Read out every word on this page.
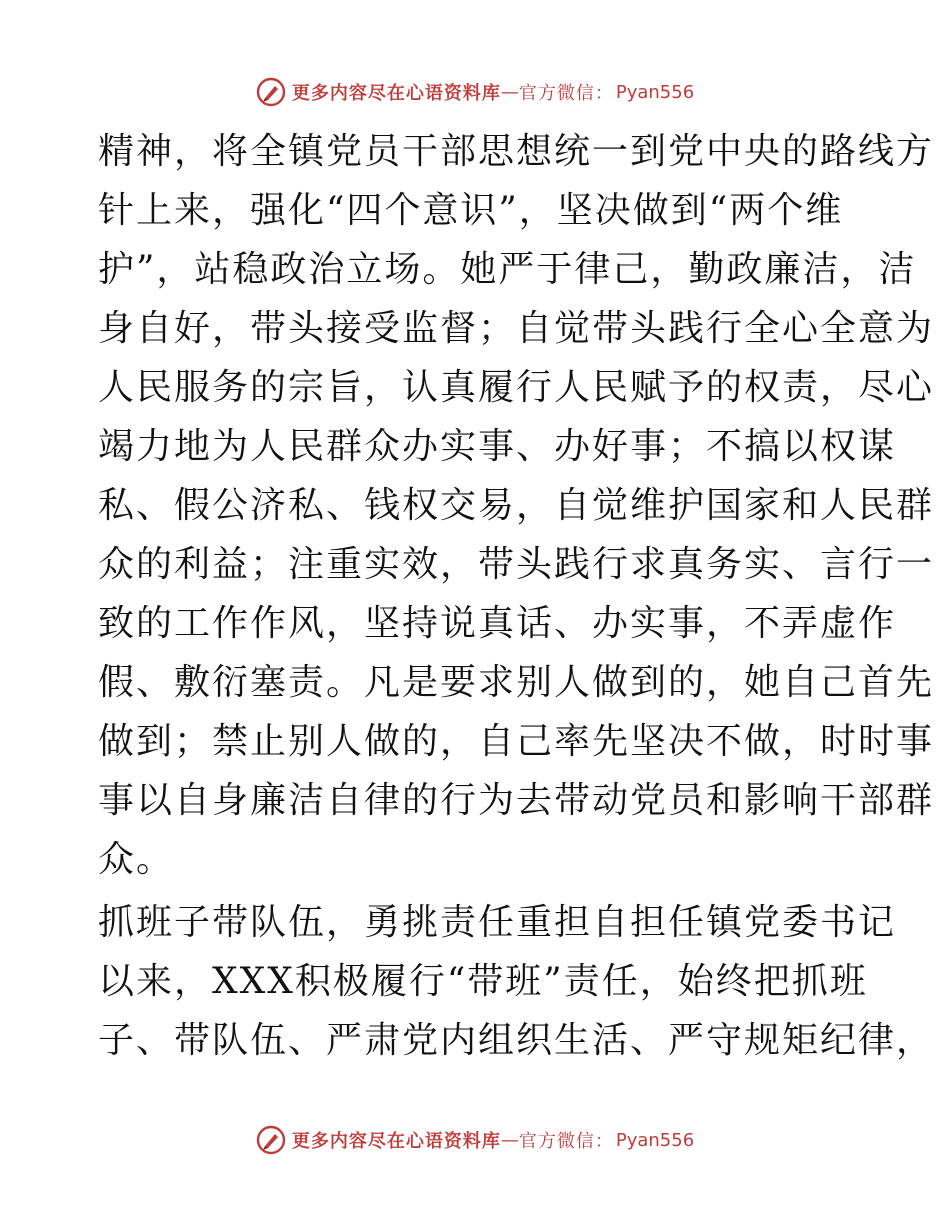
更多内容尽在心语资料库 — 官方微信： Pyan556
精神，将全镇党员干部思想统一到党中央的路线方
针上来，强化“四个意识”，坚决做到“两个维
护”，站稳政治立场。她严于律己，勤政廉洁，洁
身自好，带头接受监督；自觉带头践行全心全意为
人民服务的宗旨，认真履行人民赋予的权责，尽心
竭力地为人民群众办实事、办好事；不搞以权谋
私、假公济私、钱权交易，自觉维护国家和人民群
众的利益；注重实效，带头践行求真务实、言行一
致的工作作风，坚持说真话、办实事，不弄虚作
假、敷衍塞责。凡是要求别人做到的，她自己首先
做到；禁止别人做的，自己率先坚决不做，时时事
事以自身廉洁自律的行为去带动党员和影响干部群
众。
抓班子带队伍，勇挑责任重担自担任镇党委书记
以来，XXX积极履行“带班”责任，始终把抓班
子、带队伍、严肃党内组织生活、严守规矩纪律，
更多内容尽在心语资料库 — 官方微信： Pyan556
